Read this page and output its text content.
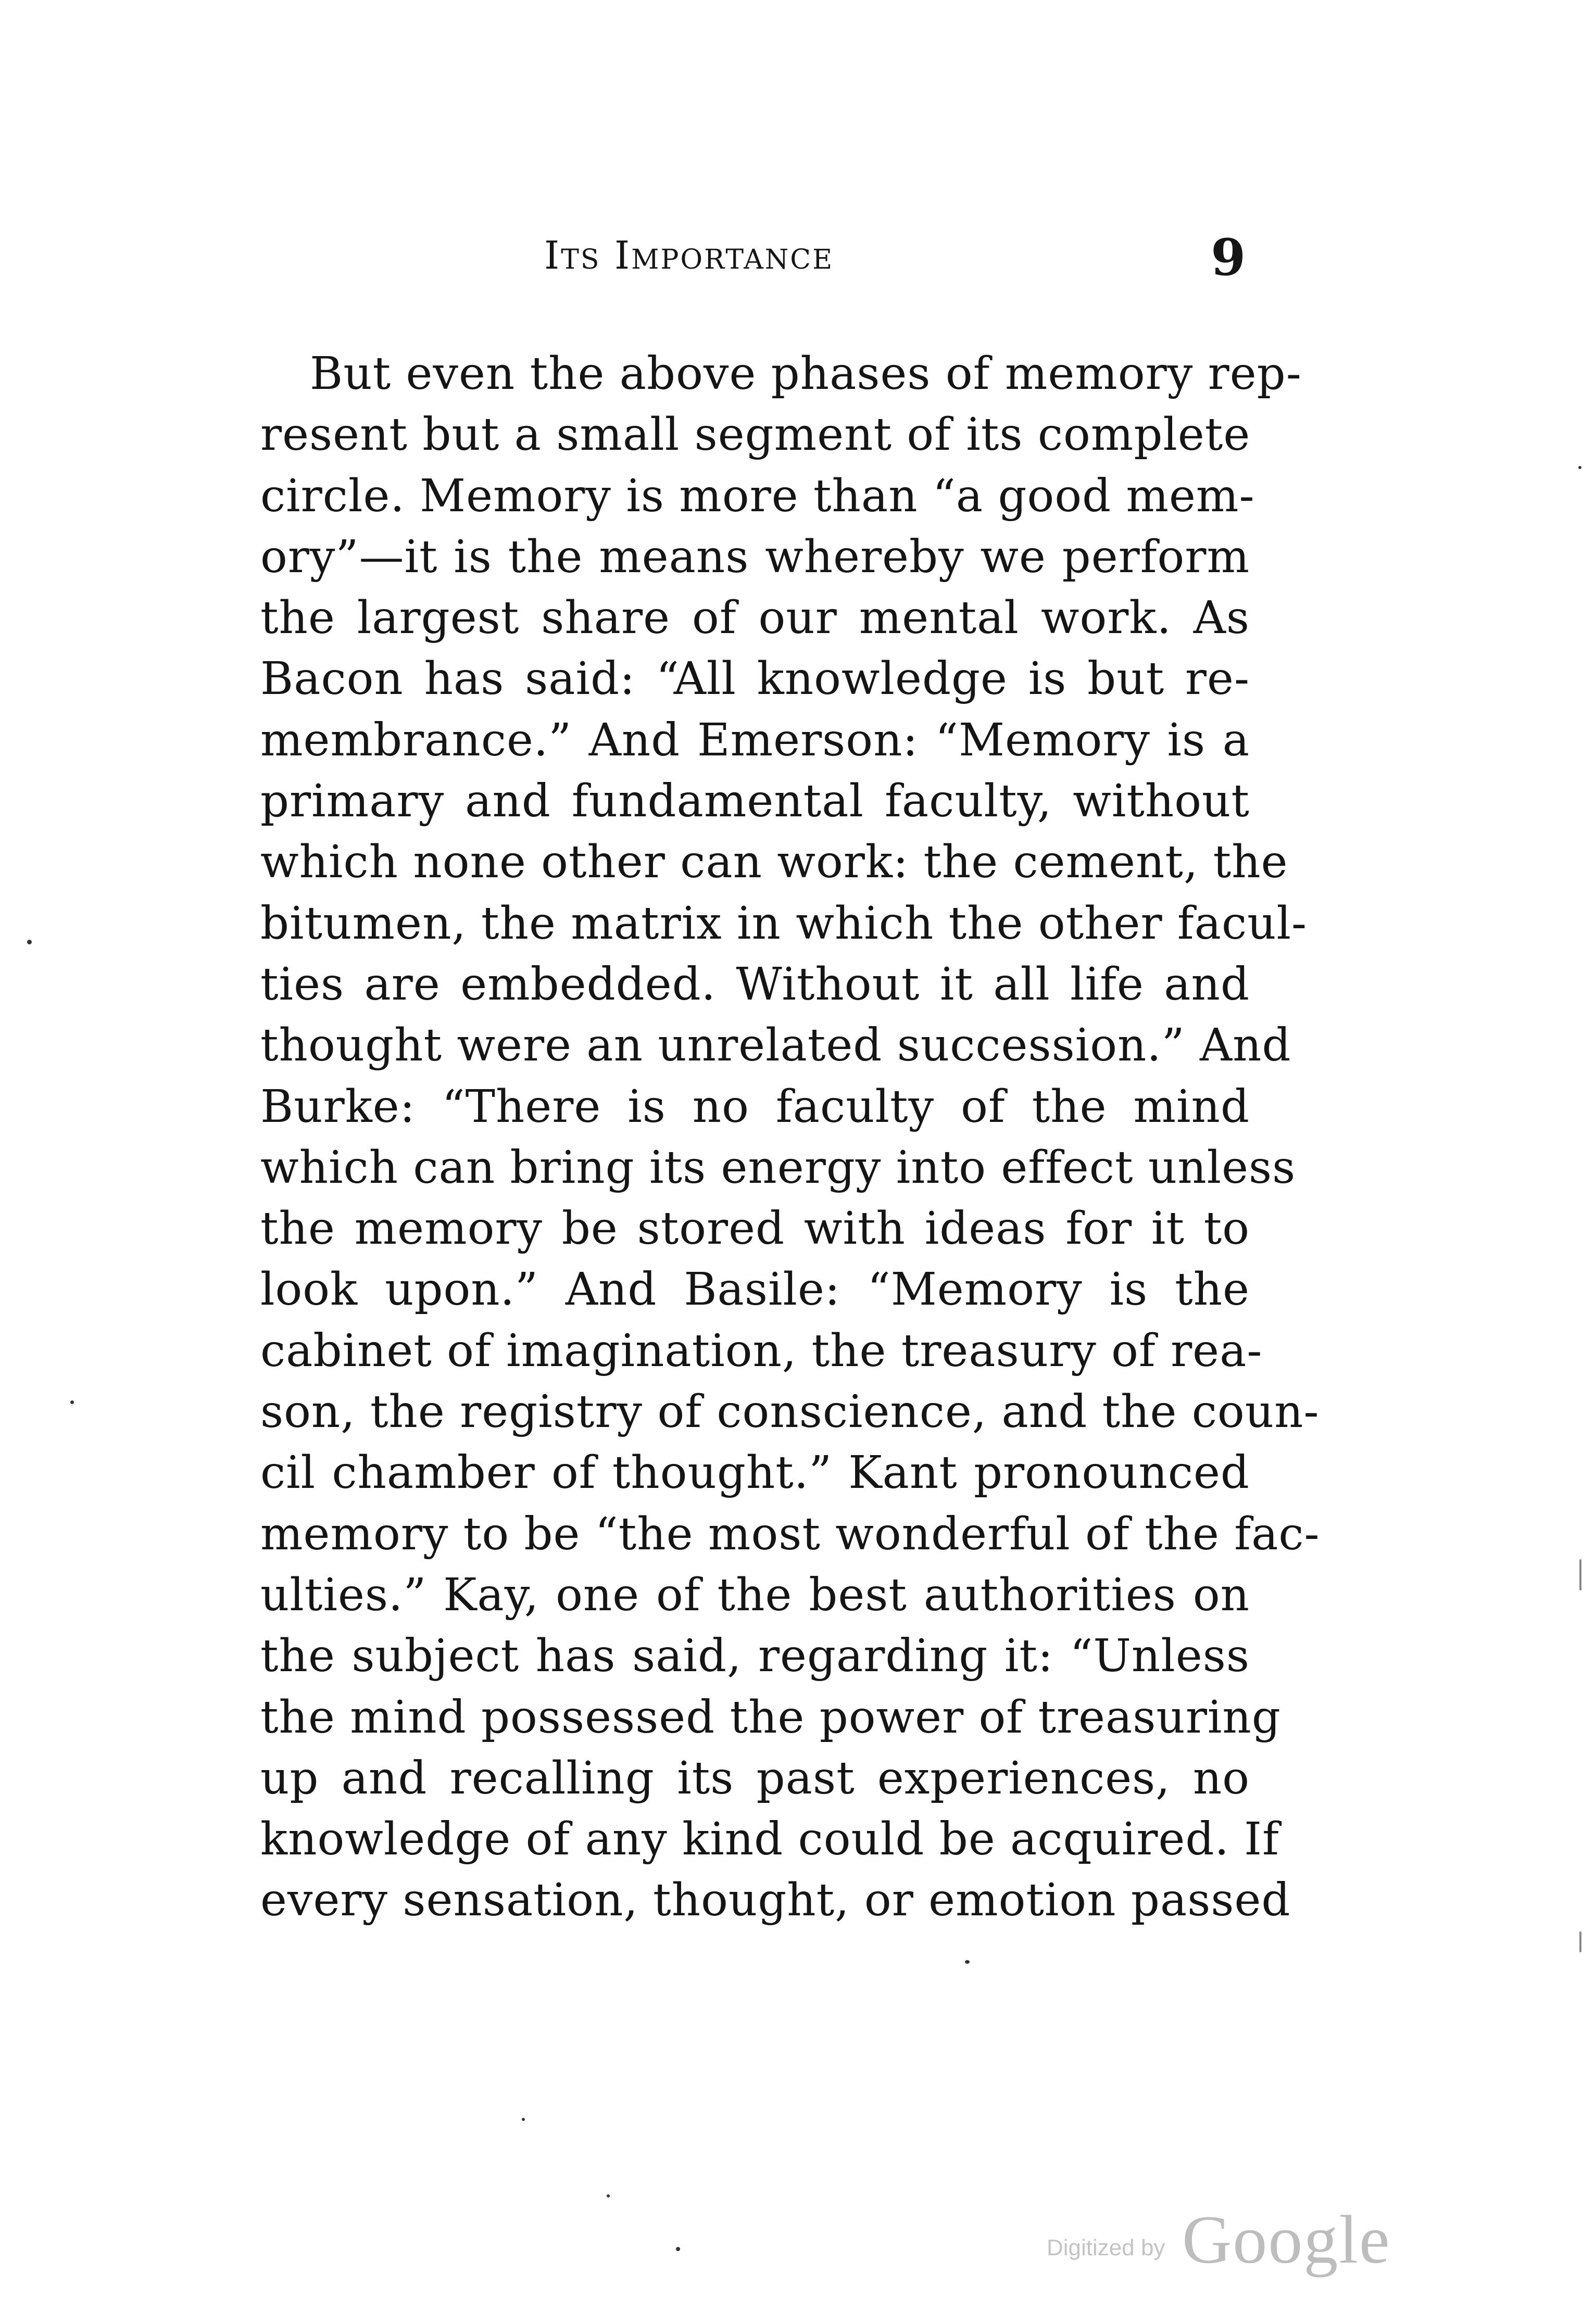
Its Importance	9
But even the above phases of memory rep-
resent but a small segment of its complete
circle. Memory is more than “a good mem-
ory”—it is the means whereby we perform
the largest share of our mental work. As
Bacon has said: “All knowledge is but re-
membrance.” And Emerson: “Memory is a
primary and fundamental faculty, without
which none other can work: the cement, the
bitumen, the matrix in which the other facul-
ties are embedded. Without it all life and
thought were an unrelated succession.” And
Burke: “There is no faculty of the mind
which can bring its energy into effect unless
the memory be stored with ideas for it to
look upon.” And Basile: “Memory is the
cabinet of imagination, the treasury of rea-
son, the registry of conscience, and the coun-
cil chamber of thought.” Kant pronounced
memory to be “the most wonderful of the fac-
ulties.” Kay, one of the best authorities on
the subject has said, regarding it: “Unless
the mind possessed the power of treasuring
up and recalling its past experiences, no
knowledge of any kind could be acquired. If
every sensation, thought, or emotion passed
Digitized by Google
